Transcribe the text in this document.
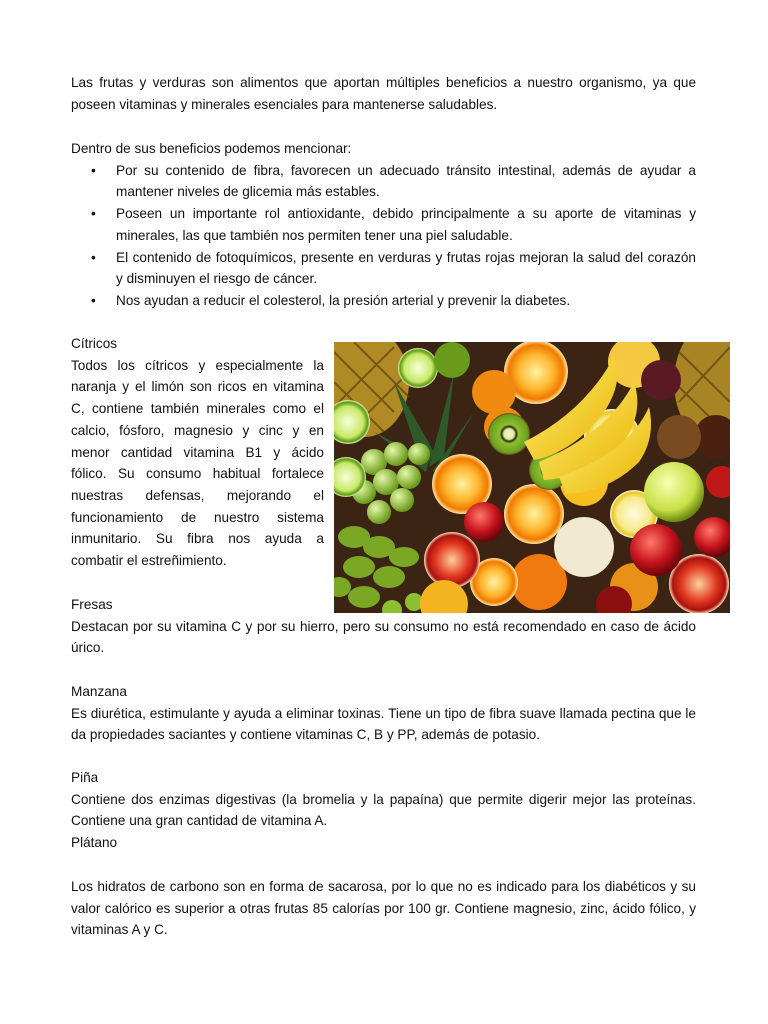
Las frutas y verduras son alimentos que aportan múltiples beneficios a nuestro organismo, ya que poseen vitaminas y minerales esenciales para mantenerse saludables.

Dentro de sus beneficios podemos mencionar:

• Por su contenido de fibra, favorecen un adecuado tránsito intestinal, además de ayudar a mantener niveles de glicemia más estables.
• Poseen un importante rol antioxidante, debido principalmente a su aporte de vitaminas y minerales, las que también nos permiten tener una piel saludable.
• El contenido de fotoquímicos, presente en verduras y frutas rojas mejoran la salud del corazón y disminuyen el riesgo de cáncer.
• Nos ayudan a reducir el colesterol, la presión arterial y prevenir la diabetes.

Cítricos

Todos los cítricos y especialmente la naranja y el limón son ricos en vitamina C, contiene también minerales como el calcio, fósforo, magnesio y cinc y en menor cantidad vitamina B1 y ácido fólico. Su consumo habitual fortalece nuestras defensas, mejorando el funcionamiento de nuestro sistema inmunitario. Su fibra nos ayuda a combatir el estreñimiento.

Fresas

Destacan por su vitamina C y por su hierro, pero su consumo no está recomendado en caso de ácido úrico.

Manzana

Es diurética, estimulante y ayuda a eliminar toxinas. Tiene un tipo de fibra suave llamada pectina que le da propiedades saciantes y contiene vitaminas C, B y PP, además de potasio.

Piña

Contiene dos enzimas digestivas (la bromelia y la papaína) que permite digerir mejor las proteínas. Contiene una gran cantidad de vitamina A.

Plátano

Los hidratos de carbono son en forma de sacarosa, por lo que no es indicado para los diabéticos y su valor calórico es superior a otras frutas 85 calorías por 100 gr. Contiene magnesio, zinc, ácido fólico, y vitaminas A y C.
